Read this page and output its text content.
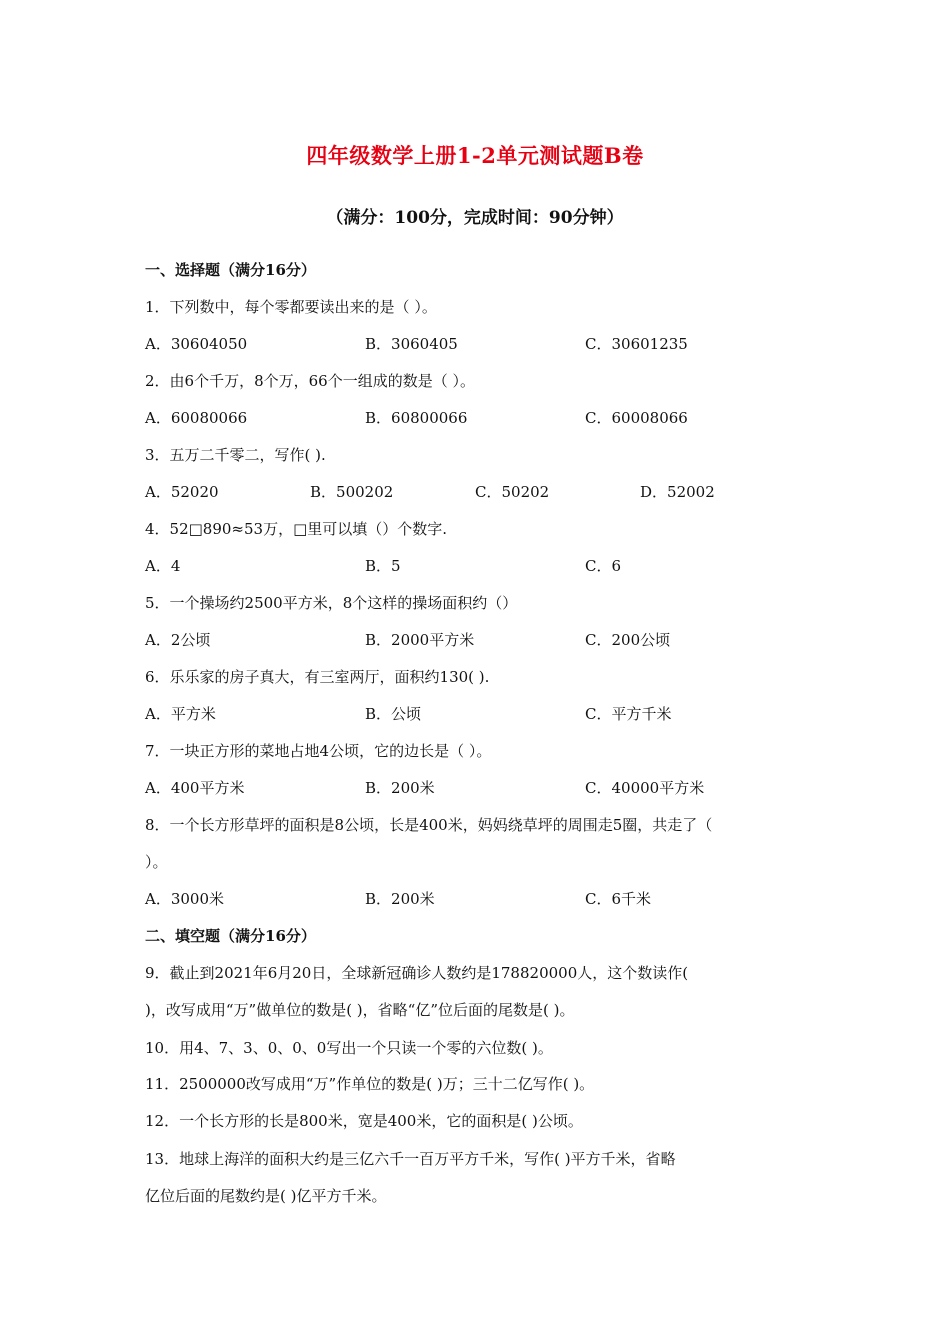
四年级数学上册1-2单元测试题B卷
（满分：100分，完成时间：90分钟）
一、选择题（满分16分）
1．下列数中，每个零都要读出来的是（ ）。
A．30604050	B．3060405	C．30601235
2．由6个千万，8个万，66个一组成的数是（ ）。
A．60080066	B．60800066	C．60008066
3．五万二千零二，写作( ).
A．52020	B．500202	C．50202	D．52002
4．52□890≈53万，□里可以填（）个数字.
A．4	B．5	C．6
5．一个操场约2500平方米，8个这样的操场面积约（）
A．2公顷	B．2000平方米	C．200公顷
6．乐乐家的房子真大，有三室两厅，面积约130( ).
A．平方米	B．公顷	C．平方千米
7．一块正方形的菜地占地4公顷，它的边长是（ ）。
A．400平方米	B．200米	C．40000平方米
8．一个长方形草坪的面积是8公顷，长是400米，妈妈绕草坪的周围走5圈，共走了（
）。
A．3000米	B．200米	C．6千米
二、填空题（满分16分）
9．截止到2021年6月20日，全球新冠确诊人数约是178820000人，这个数读作(
)，改写成用“万”做单位的数是( )，省略“亿”位后面的尾数是( )。
10．用4、7、3、0、0、0写出一个只读一个零的六位数( )。
11．2500000改写成用“万”作单位的数是( )万；三十二亿写作( )。
12．一个长方形的长是800米，宽是400米，它的面积是( )公顷。
13．地球上海洋的面积大约是三亿六千一百万平方千米，写作( )平方千米，省略
亿位后面的尾数约是( )亿平方千米。
